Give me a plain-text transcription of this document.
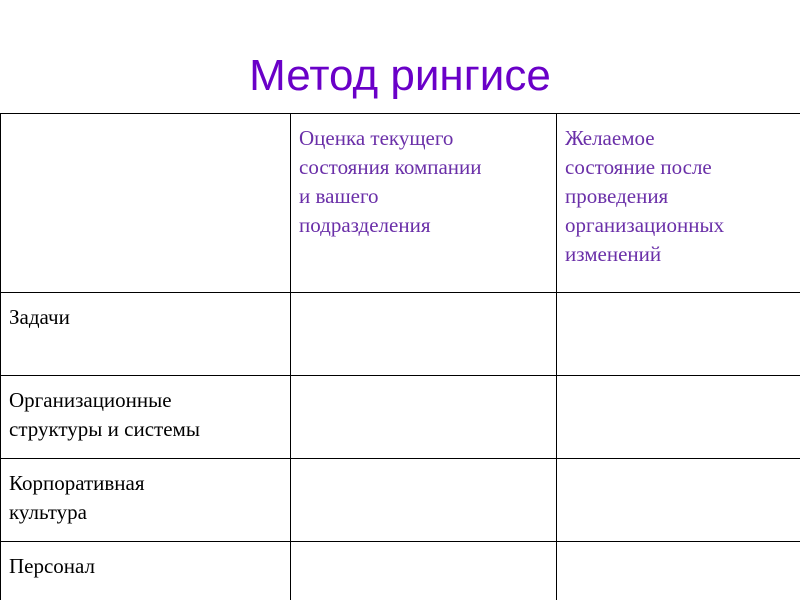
Метод рингисе

	Оценка текущего
состояния компании
и вашего
подразделения	Желаемое
состояние после
проведения
организационных
изменений

Задачи		

Организационные
структуры и системы		

Корпоративная
культура		

Персонал		
